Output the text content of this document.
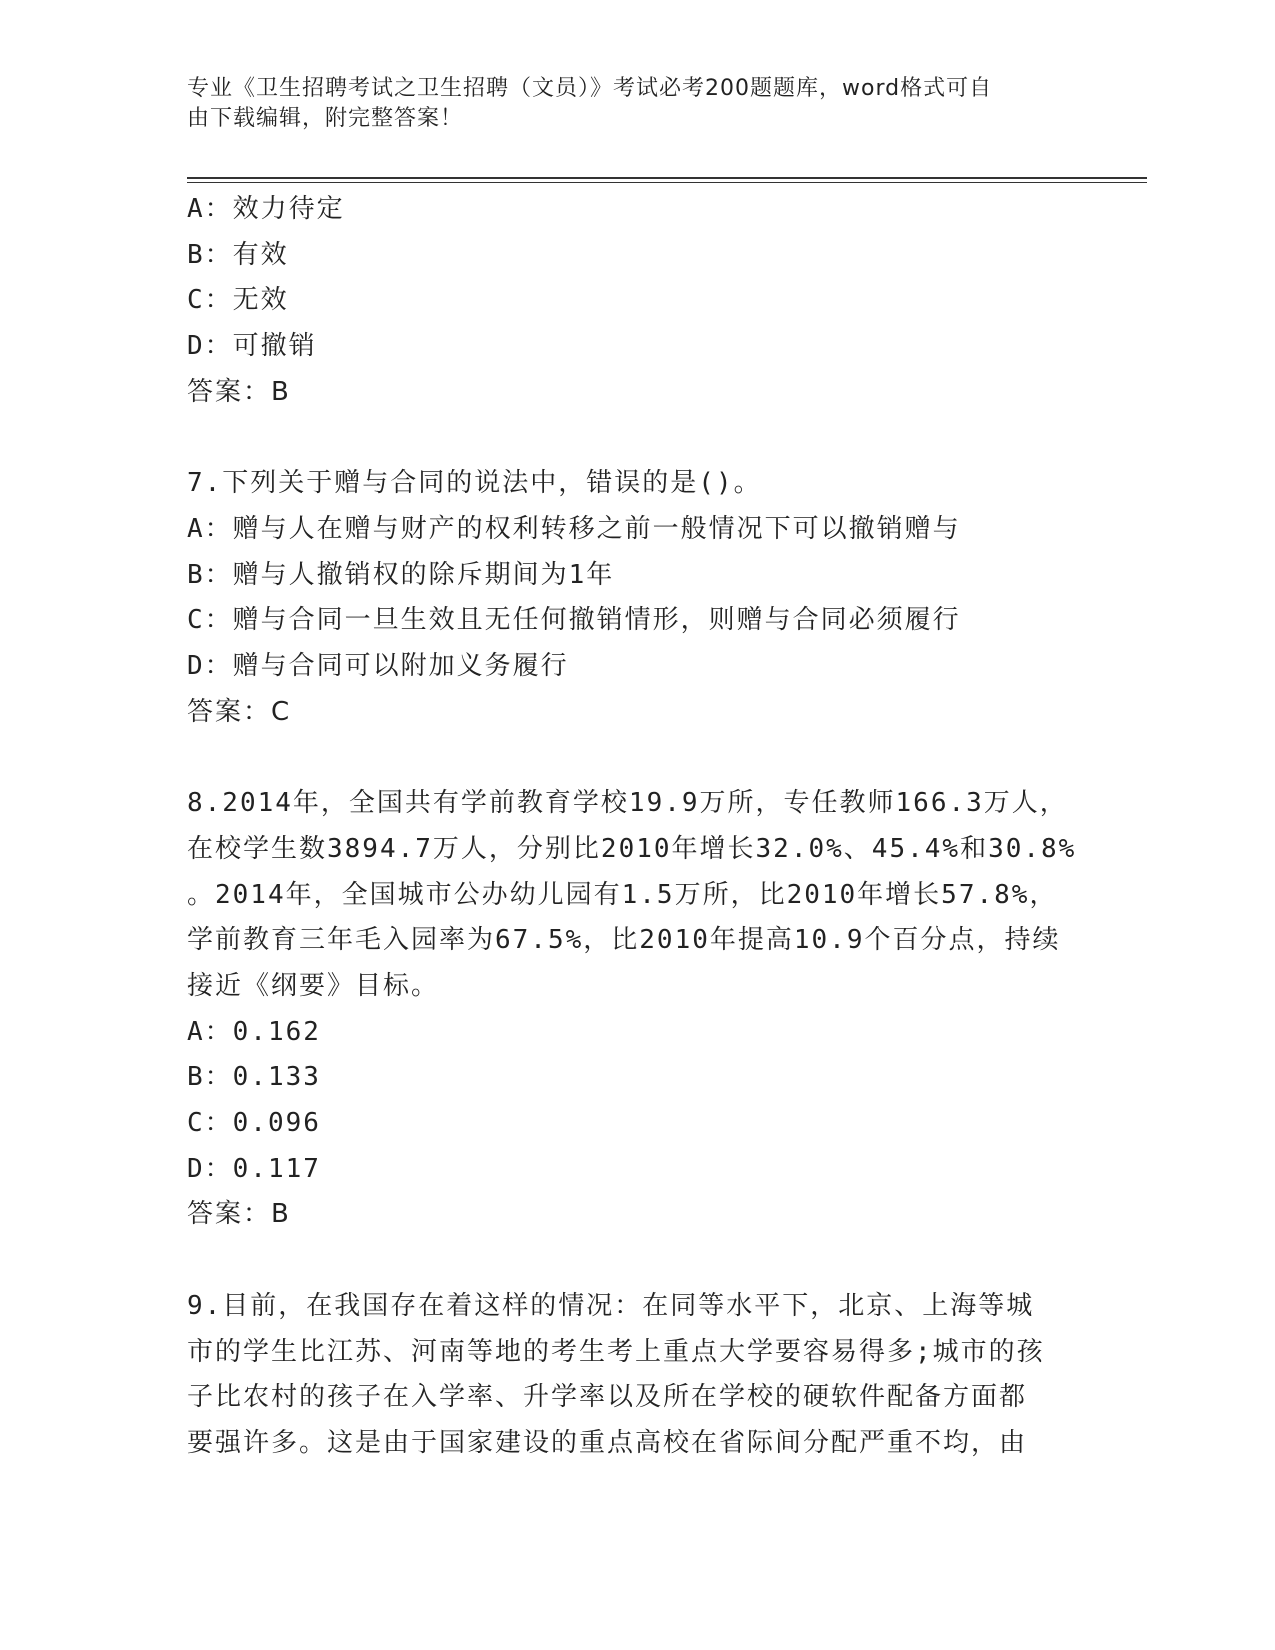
专业《卫生招聘考试之卫生招聘（文员）》考试必考200题题库，word格式可自
由下载编辑，附完整答案！
A：效力待定
B：有效
C：无效
D：可撤销
答案：B
7.下列关于赠与合同的说法中，错误的是()。
A：赠与人在赠与财产的权利转移之前一般情况下可以撤销赠与
B：赠与人撤销权的除斥期间为1年
C：赠与合同一旦生效且无任何撤销情形，则赠与合同必须履行
D：赠与合同可以附加义务履行
答案：C
8.2014年，全国共有学前教育学校19.9万所，专任教师166.3万人，
在校学生数3894.7万人，分别比2010年增长32.0%、45.4%和30.8%
。2014年，全国城市公办幼儿园有1.5万所，比2010年增长57.8%，
学前教育三年毛入园率为67.5%，比2010年提高10.9个百分点，持续
接近《纲要》目标。
A：0.162
B：0.133
C：0.096
D：0.117
答案：B
9.目前，在我国存在着这样的情况：在同等水平下，北京、上海等城
市的学生比江苏、河南等地的考生考上重点大学要容易得多;城市的孩
子比农村的孩子在入学率、升学率以及所在学校的硬软件配备方面都
要强许多。这是由于国家建设的重点高校在省际间分配严重不均，由
